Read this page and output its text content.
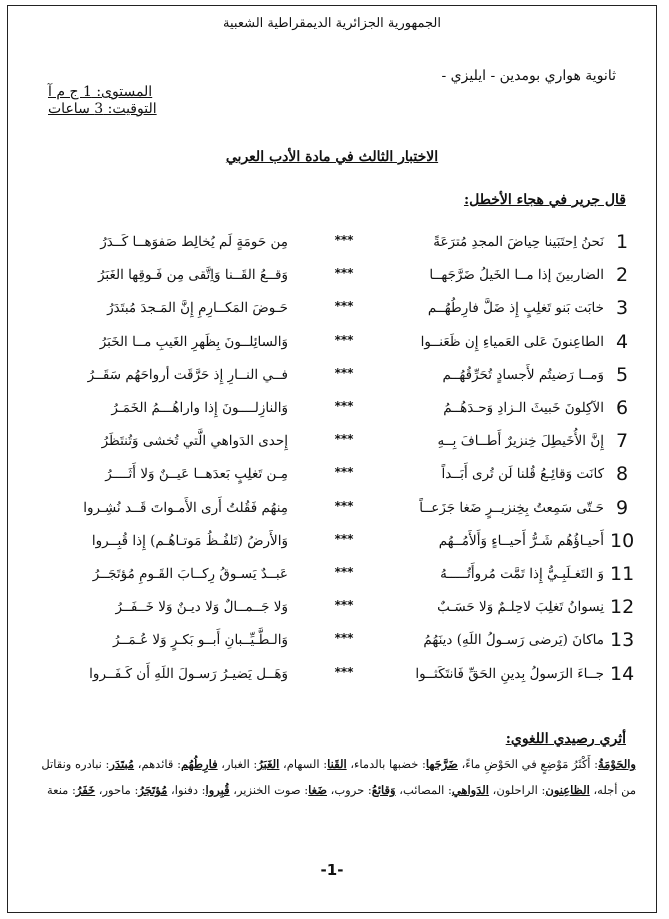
الجمهورية الجزائرية الديمقراطية الشعبية
ثانوية هواري بومدين - ايليزي -
المستوى: 1 ج م آ
التوقيت: 3 ساعات
الاختبار الثالث في مادة الأدب العربي
قال جرير في هجاء الأخطل:
1
نَحنُ اِحتَبَينا حِياضَ المجدِ مُترَعَةً
***
مِن حَومَةٍ لَم يُخالِط صَفوَهــا كَــدَرُ
2
الضاربينَ إذا مــا الخَيلُ ضَرَّجَهــا
***
وَقــعُ القَــنا وَاِتَّقى مِن فَـوقِها الغَبَرُ
3
خابَت بَنو تَغلِبٍ إِذ ضَلَّ فارِطُهُــم
***
حَـوضَ المَكــارِمِ إِنَّ المَـجدَ مُبتَدَرُ
4
الطاعِنونَ عَلى العَمياءِ إِن ظَعَنــوا
***
وَالسائِلــونَ بِظَهرِ الغَيبِ مــا الخَبَرُ
5
وَمــا رَضيتُم لأَجسادٍ تُحَرِّقُهُــم
***
فــي النــارِ إِذ حَرَّقَت أرواحَهُم سَقَــرُ
6
الآكِلونَ خَبيثَ الـزادِ وَحـدَهُــمُ
***
وَالنازِلــــونَ إِذا واراهُـــمُ الخَمَـرُ
7
إِنَّ الأُخَيطِلَ خِنزيرٌ أَطــافَ بِــهِ
***
إِحدى الدَواهي الَّتي تُخشى وَتُنتَظَرُ
8
كانَت وَقائِـعُ قُلنا لَن تُرى أَبَــداً
***
مِـن تَغلِبٍ بَعدَهــا عَيــنٌ وَلا أَثَــــرُ
9
حَـتّى سَمِعتُ بِخِنزيــرٍ ضَغا جَزَعــاً
***
مِنهُم فَقُلتُ أَرى الأَمـواتَ قَــد نُشِـروا
10
أَحيـاؤُهُم شَـرُّ أَحيــاءٍ وَأَلأَمُــهُم
***
وَالأَرضُ (تَلفُـظُ مَوتـاهُـم) إِذا قُبِــروا
11
وَ التَغـلَبِـيُّ إِذا تَمَّت مُروأَتُـــــهُ
***
عَبــدٌ يَسـوقُ رِكــابَ القَـومِ مُؤتَجَــرُ
12
نِسوانُ تَغلِبَ لاحِلـمٌ وَلا حَسَـبٌ
***
وَلا جَــمــالٌ وَلا ديـنٌ وَلا خَــفَــرُ
13
ماكانَ (يَرضى رَسـولُ اللَهِ) دينَهُمُ
***
وَالـطَّـيِّــبانِ أَبــو بَكـرٍ وَلا عُـمَــرُ
14
جــاءَ الرَسولُ بِدينِ الحَقِّ فَانتَكَثــوا
***
وَهَــل يَضيـرُ رَسـولَ اللَهِ أَن كَـفَــروا
أثري رصيدي اللغوي:
والحَوْمَةُ: أَكْثَرُ مَوْضِعٍ في الحَوْضِ ماءً، ضَرَّجَها: خضبها بالدماء، القَنا: السهام، الغَبَرُ: الغبار، فارِطُهُم: قائدهم، مُبتَدَر: نبادره ونقاتل من أجله، الظاعِنون: الراحلون، الدَواهي: المصائب، وَقائعُ: حروب، ضَغا: صوت الخنزير، قُبِروا: دفنوا، مُؤتَجَرُ: ماحور، خَفَرُ: منعة
-1-
